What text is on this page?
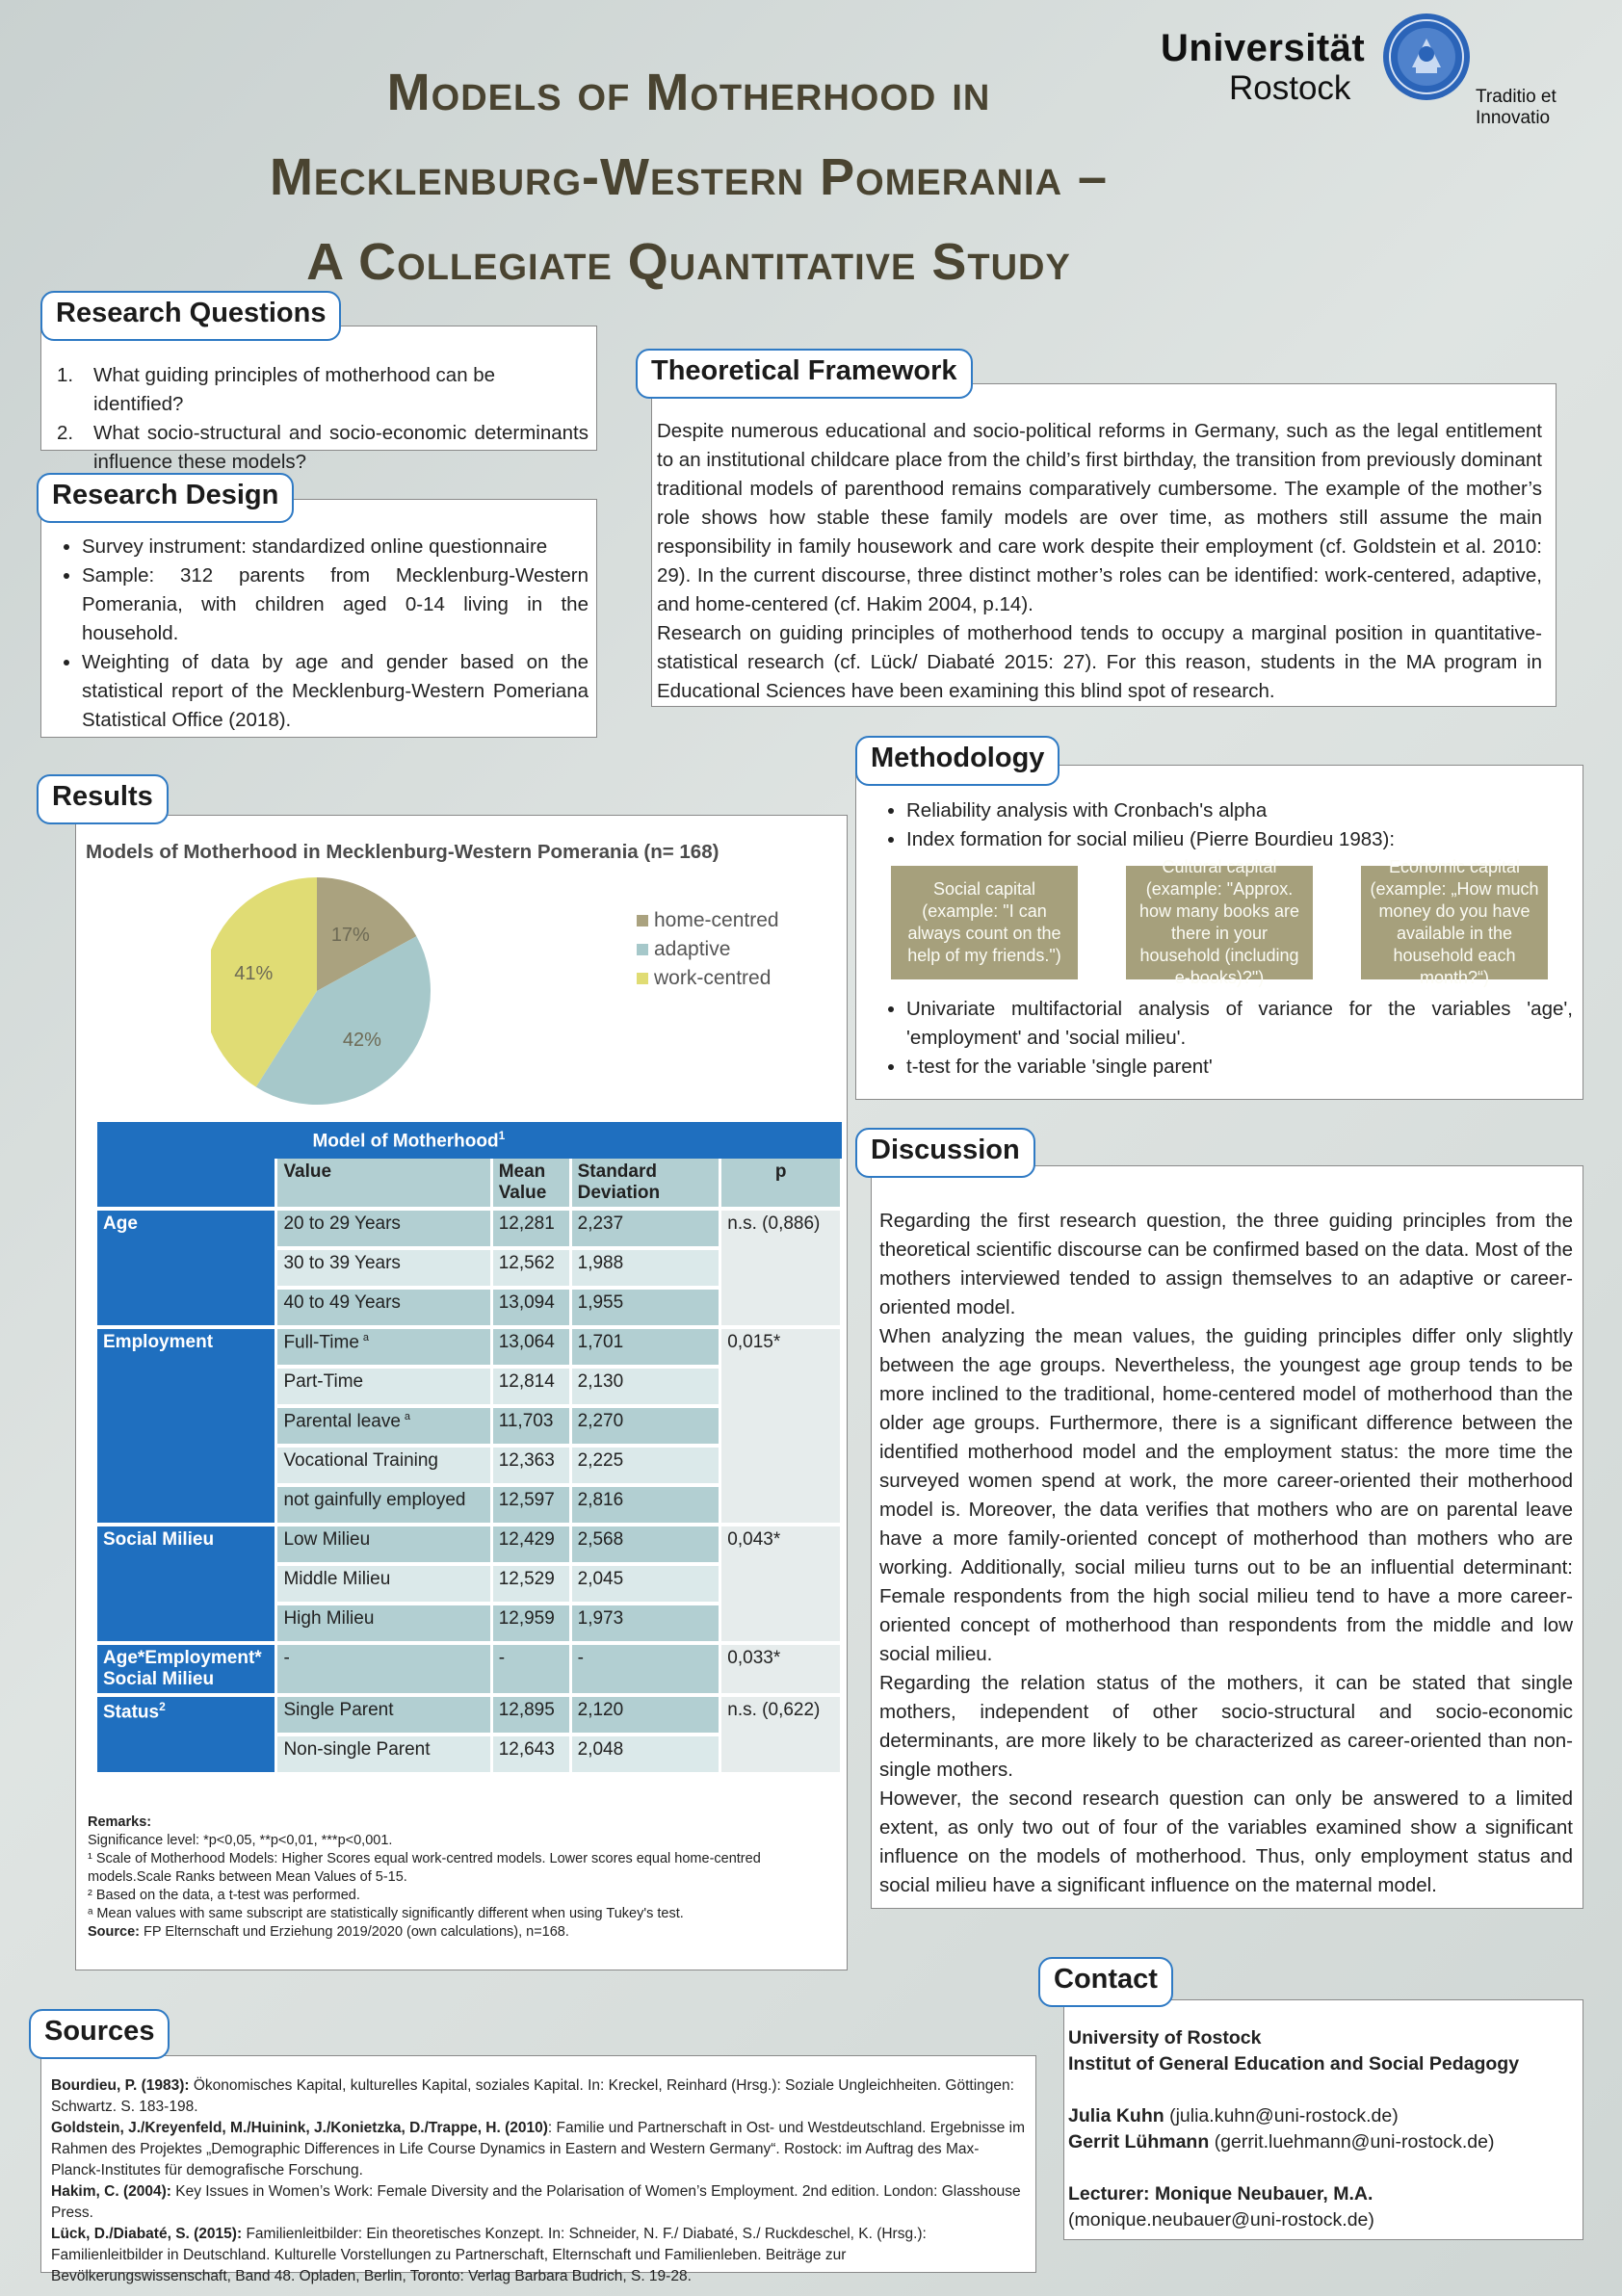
Models of Motherhood in
Mecklenburg-Western Pomerania –
A Collegiate Quantitative Study
Universität
Rostock	Traditio et Innovatio
1. What guiding principles of motherhood can be identified?
2. What socio-structural and socio-economic determinants influence these models?
Research Questions
• Survey instrument: standardized online questionnaire
• Sample: 312 parents from Mecklenburg-Western Pomerania, with children aged 0-14 living in the household.
• Weighting of data by age and gender based on the statistical report of the Mecklenburg-Western Pomeriana Statistical Office (2018).
Research Design
Despite numerous educational and socio-political reforms in Germany, such as the legal entitlement to an institutional childcare place from the child’s first birthday, the transition from previously dominant traditional models of parenthood remains comparatively cumbersome. The example of the mother’s role shows how stable these family models are over time, as mothers still assume the main responsibility in family housework and care work despite their employment (cf. Goldstein et al. 2010: 29). In the current discourse, three distinct mother’s roles can be identified: work-centered, adaptive, and home-centered (cf. Hakim 2004, p.14).
Research on guiding principles of motherhood tends to occupy a marginal position in quantitative-statistical research (cf. Lück/ Diabaté 2015: 27). For this reason, students in the MA program in Educational Sciences have been examining this blind spot of research.
Theoretical Framework
• Reliability analysis with Cronbach's alpha
• Index formation for social milieu (Pierre Bourdieu 1983):
Social capital (example: "I can always count on the help of my friends.")
Cultural capital (example: "Approx. how many books are there in your household (including e-books)?")
Economic capital (example: „How much money do you have available in the household each month?“)
• Univariate multifactorial analysis of variance for the variables 'age', 'employment' and 'social milieu'.
• t-test for the variable 'single parent'
Methodology
Models of Motherhood in Mecklenburg-Western Pomerania (n= 168)
17%
42%
41%
home-centred
adaptive
work-centred
Model of Motherhood$^1$	
	Value	Mean Value	Standard Deviation	p
Age	20 to 29 Years	12,281	2,237	n.s. (0,886)
	30 to 39 Years	12,562	1,988	
	40 to 49 Years	13,094	1,955	
Employment	Full-Time $^a$	13,064	1,701	0,015*
	Part-Time	12,814	2,130	
	Parental leave $^a$	11,703	2,270	
	Vocational Training	12,363	2,225	
	not gainfully employed	12,597	2,816	
Social Milieu	Low Milieu	12,429	2,568	0,043*
	Middle Milieu	12,529	2,045	
	High Milieu	12,959	1,973	
Age*Employment* Social Milieu	-	-	-	0,033*
Status$^2$	Single Parent	12,895	2,120	n.s. (0,622)
	Non-single Parent	12,643	2,048	
Remarks:
Significance level: *p<0,05, **p<0,01, ***p<0,001.
¹ Scale of Motherhood Models: Higher Scores equal work-centred models. Lower scores equal home-centred models.Scale Ranks between Mean Values of 5-15.
² Based on the data, a t-test was performed.
ᵃ Mean values with same subscript are statistically significantly different when using Tukey's test.
Source: FP Elternschaft und Erziehung 2019/2020 (own calculations), n=168.
Results
Regarding the first research question, the three guiding principles from the theoretical scientific discourse can be confirmed based on the data. Most of the mothers interviewed tended to assign themselves to an adaptive or career-oriented model.
When analyzing the mean values, the guiding principles differ only slightly between the age groups. Nevertheless, the youngest age group tends to be more inclined to the traditional, home-centered model of motherhood than the older age groups. Furthermore, there is a significant difference between the identified motherhood model and the employment status: the more time the surveyed women spend at work, the more career-oriented their motherhood model is. Moreover, the data verifies that mothers who are on parental leave have a more family-oriented concept of motherhood than mothers who are working. Additionally, social milieu turns out to be an influential determinant: Female respondents from the high social milieu tend to have a more career-oriented concept of motherhood than respondents from the middle and low social milieu.
Regarding the relation status of the mothers, it can be stated that single mothers, independent of other socio-structural and socio-economic determinants, are more likely to be characterized as career-oriented than non-single mothers.
However, the second research question can only be answered to a limited extent, as only two out of four of the variables examined show a significant influence on the models of motherhood. Thus, only employment status and social milieu have a significant influence on the maternal model.
Discussion
Bourdieu, P. (1983): Ökonomisches Kapital, kulturelles Kapital, soziales Kapital. In: Kreckel, Reinhard (Hrsg.): Soziale Ungleichheiten. Göttingen: Schwartz. S. 183-198.
Goldstein, J./Kreyenfeld, M./Huinink, J./Konietzka, D./Trappe, H. (2010): Familie und Partnerschaft in Ost- und Westdeutschland. Ergebnisse im Rahmen des Projektes „Demographic Differences in Life Course Dynamics in Eastern and Western Germany“. Rostock: im Auftrag des Max-Planck-Institutes für demografische Forschung.
Hakim, C. (2004): Key Issues in Women’s Work: Female Diversity and the Polarisation of Women’s Employment. 2nd edition. London: Glasshouse Press.
Lück, D./Diabaté, S. (2015): Familienleitbilder: Ein theoretisches Konzept. In: Schneider, N. F./ Diabaté, S./ Ruckdeschel, K. (Hrsg.): Familienleitbilder in Deutschland. Kulturelle Vorstellungen zu Partnerschaft, Elternschaft und Familienleben. Beiträge zur Bevölkerungswissenschaft, Band 48. Opladen, Berlin, Toronto: Verlag Barbara Budrich, S. 19-28.
Sources	University of Rostock
Institut of General Education and Social Pedagogy
Julia Kuhn (julia.kuhn@uni-rostock.de)
Gerrit Lühmann (gerrit.luehmann@uni-rostock.de)
Lecturer: Monique Neubauer, M.A. (monique.neubauer@uni-rostock.de)
Contact
